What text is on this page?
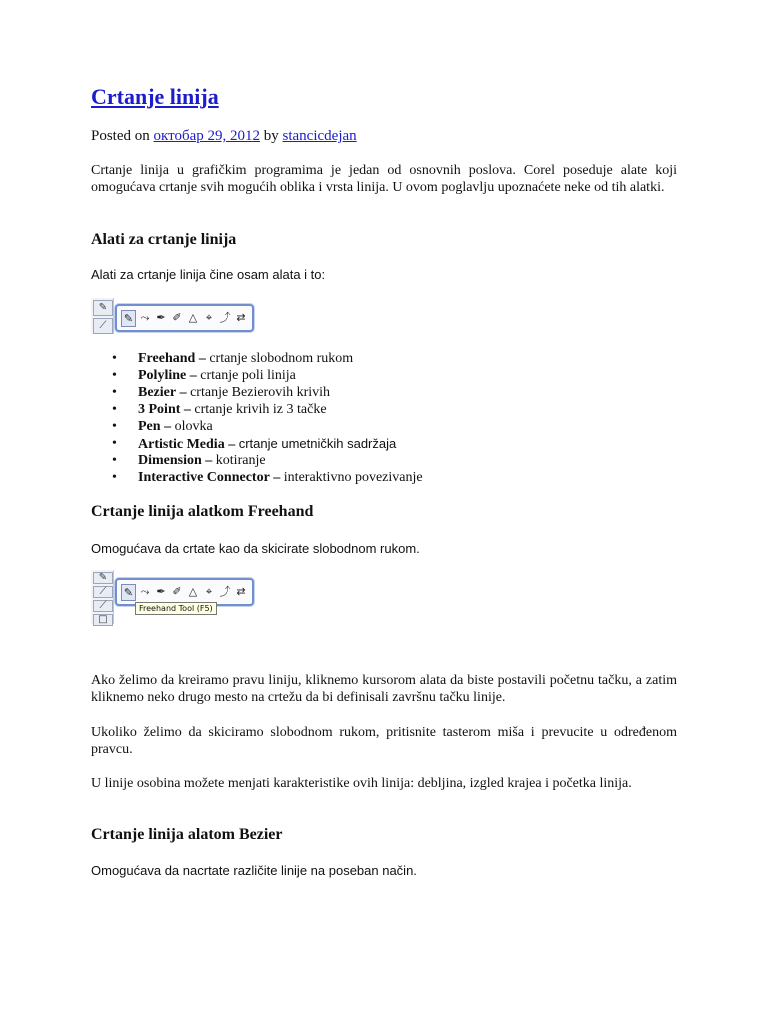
Crtanje linija
Posted on октобар 29, 2012 by stancicdejan

Crtanje linija u grafičkim programima je jedan od osnovnih poslova. Corel poseduje alate koji omogućava crtanje svih mogućih oblika i vrsta linija. U ovom poglavlju upoznaćete neke od tih alatki.

Alati za crtanje linija

Alati za crtanje linija čine osam alata i to:

✎
⟋
✎ ⤳ ✒ ✐ △ ⌖ ⤴ ⇄
• Freehand – crtanje slobodnom rukom
• Polyline – crtanje poli linija
• Bezier – crtanje Bezierovih krivih
• 3 Point – crtanje krivih iz 3 tačke
• Pen – olovka
• Artistic Media – crtanje umetničkih sadržaja
• Dimension – kotiranje
• Interactive Connector – interaktivno povezivanje
Crtanje linija alatkom Freehand

Omogućava da crtate kao da skicirate slobodnom rukom.

✎
⟋
⟋
□
✎ ⤳ ✒ ✐ △ ⌖ ⤴ ⇄
Freehand Tool (F5)

Ako želimo da kreiramo pravu liniju, kliknemo kursorom alata da biste postavili početnu tačku, a zatim kliknemo neko drugo mesto na crtežu da bi definisali završnu tačku linije.

Ukoliko želimo da skiciramo slobodnom rukom, pritisnite tasterom miša i prevucite u određenom pravcu.

U linije osobina možete menjati karakteristike ovih linija: debljina, izgled krajea i početka linija.

Crtanje linija alatom Bezier

Omogućava da nacrtate različite linije na poseban način.
